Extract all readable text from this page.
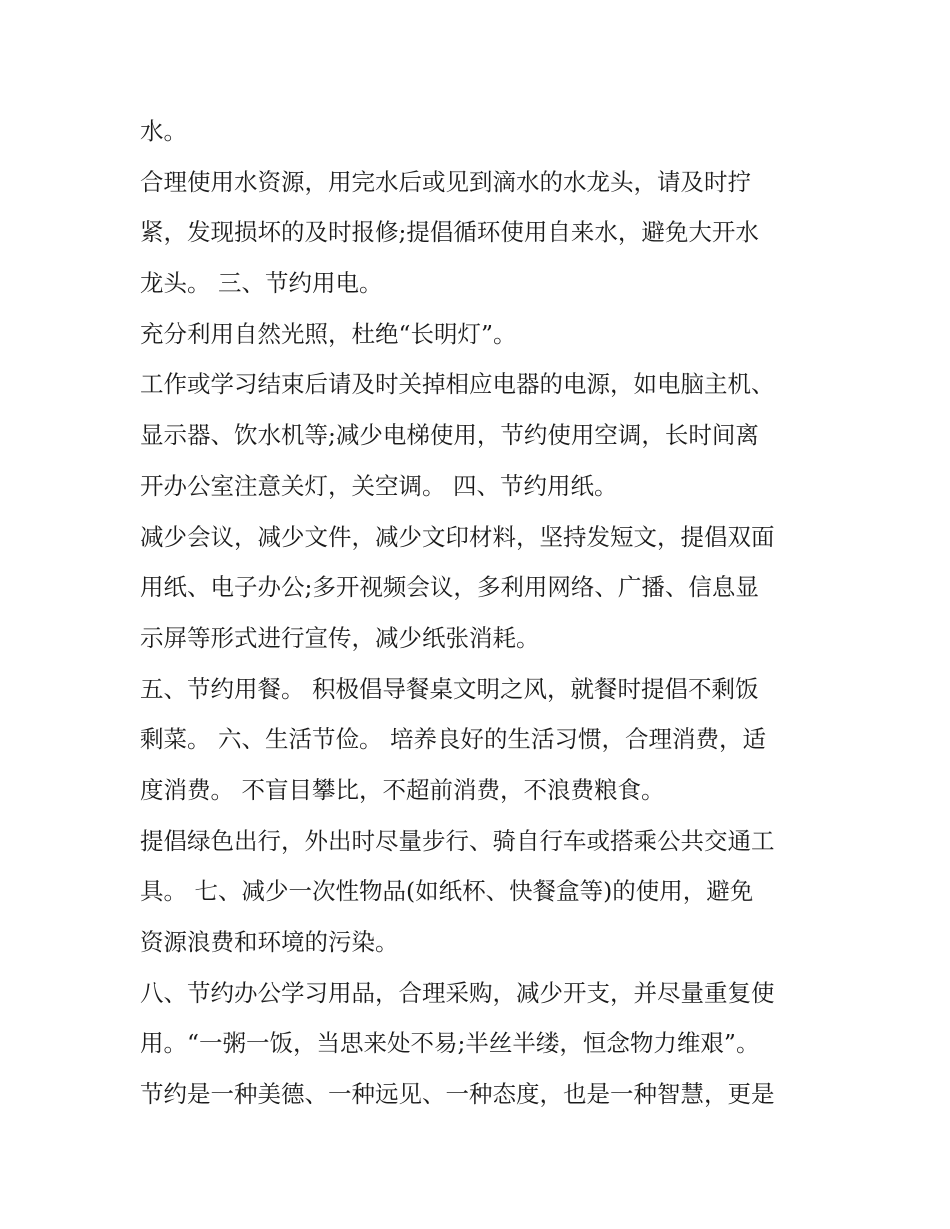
水。
合理使用水资源，用完水后或见到滴水的水龙头，请及时拧
紧，发现损坏的及时报修;提倡循环使用自来水，避免大开水
龙头。 三、节约用电。
充分利用自然光照，杜绝“长明灯”。
工作或学习结束后请及时关掉相应电器的电源，如电脑主机、
显示器、饮水机等;减少电梯使用，节约使用空调，长时间离
开办公室注意关灯，关空调。 四、节约用纸。
减少会议，减少文件，减少文印材料，坚持发短文，提倡双面
用纸、电子办公;多开视频会议，多利用网络、广播、信息显
示屏等形式进行宣传，减少纸张消耗。
五、节约用餐。 积极倡导餐桌文明之风，就餐时提倡不剩饭
剩菜。 六、生活节俭。 培养良好的生活习惯，合理消费，适
度消费。 不盲目攀比，不超前消费，不浪费粮食。
提倡绿色出行，外出时尽量步行、骑自行车或搭乘公共交通工
具。 七、减少一次性物品(如纸杯、快餐盒等)的使用，避免
资源浪费和环境的污染。
八、节约办公学习用品，合理采购，减少开支，并尽量重复使
用。“一粥一饭，当思来处不易;半丝半缕，恒念物力维艰”。
节约是一种美德、一种远见、一种态度，也是一种智慧，更是
